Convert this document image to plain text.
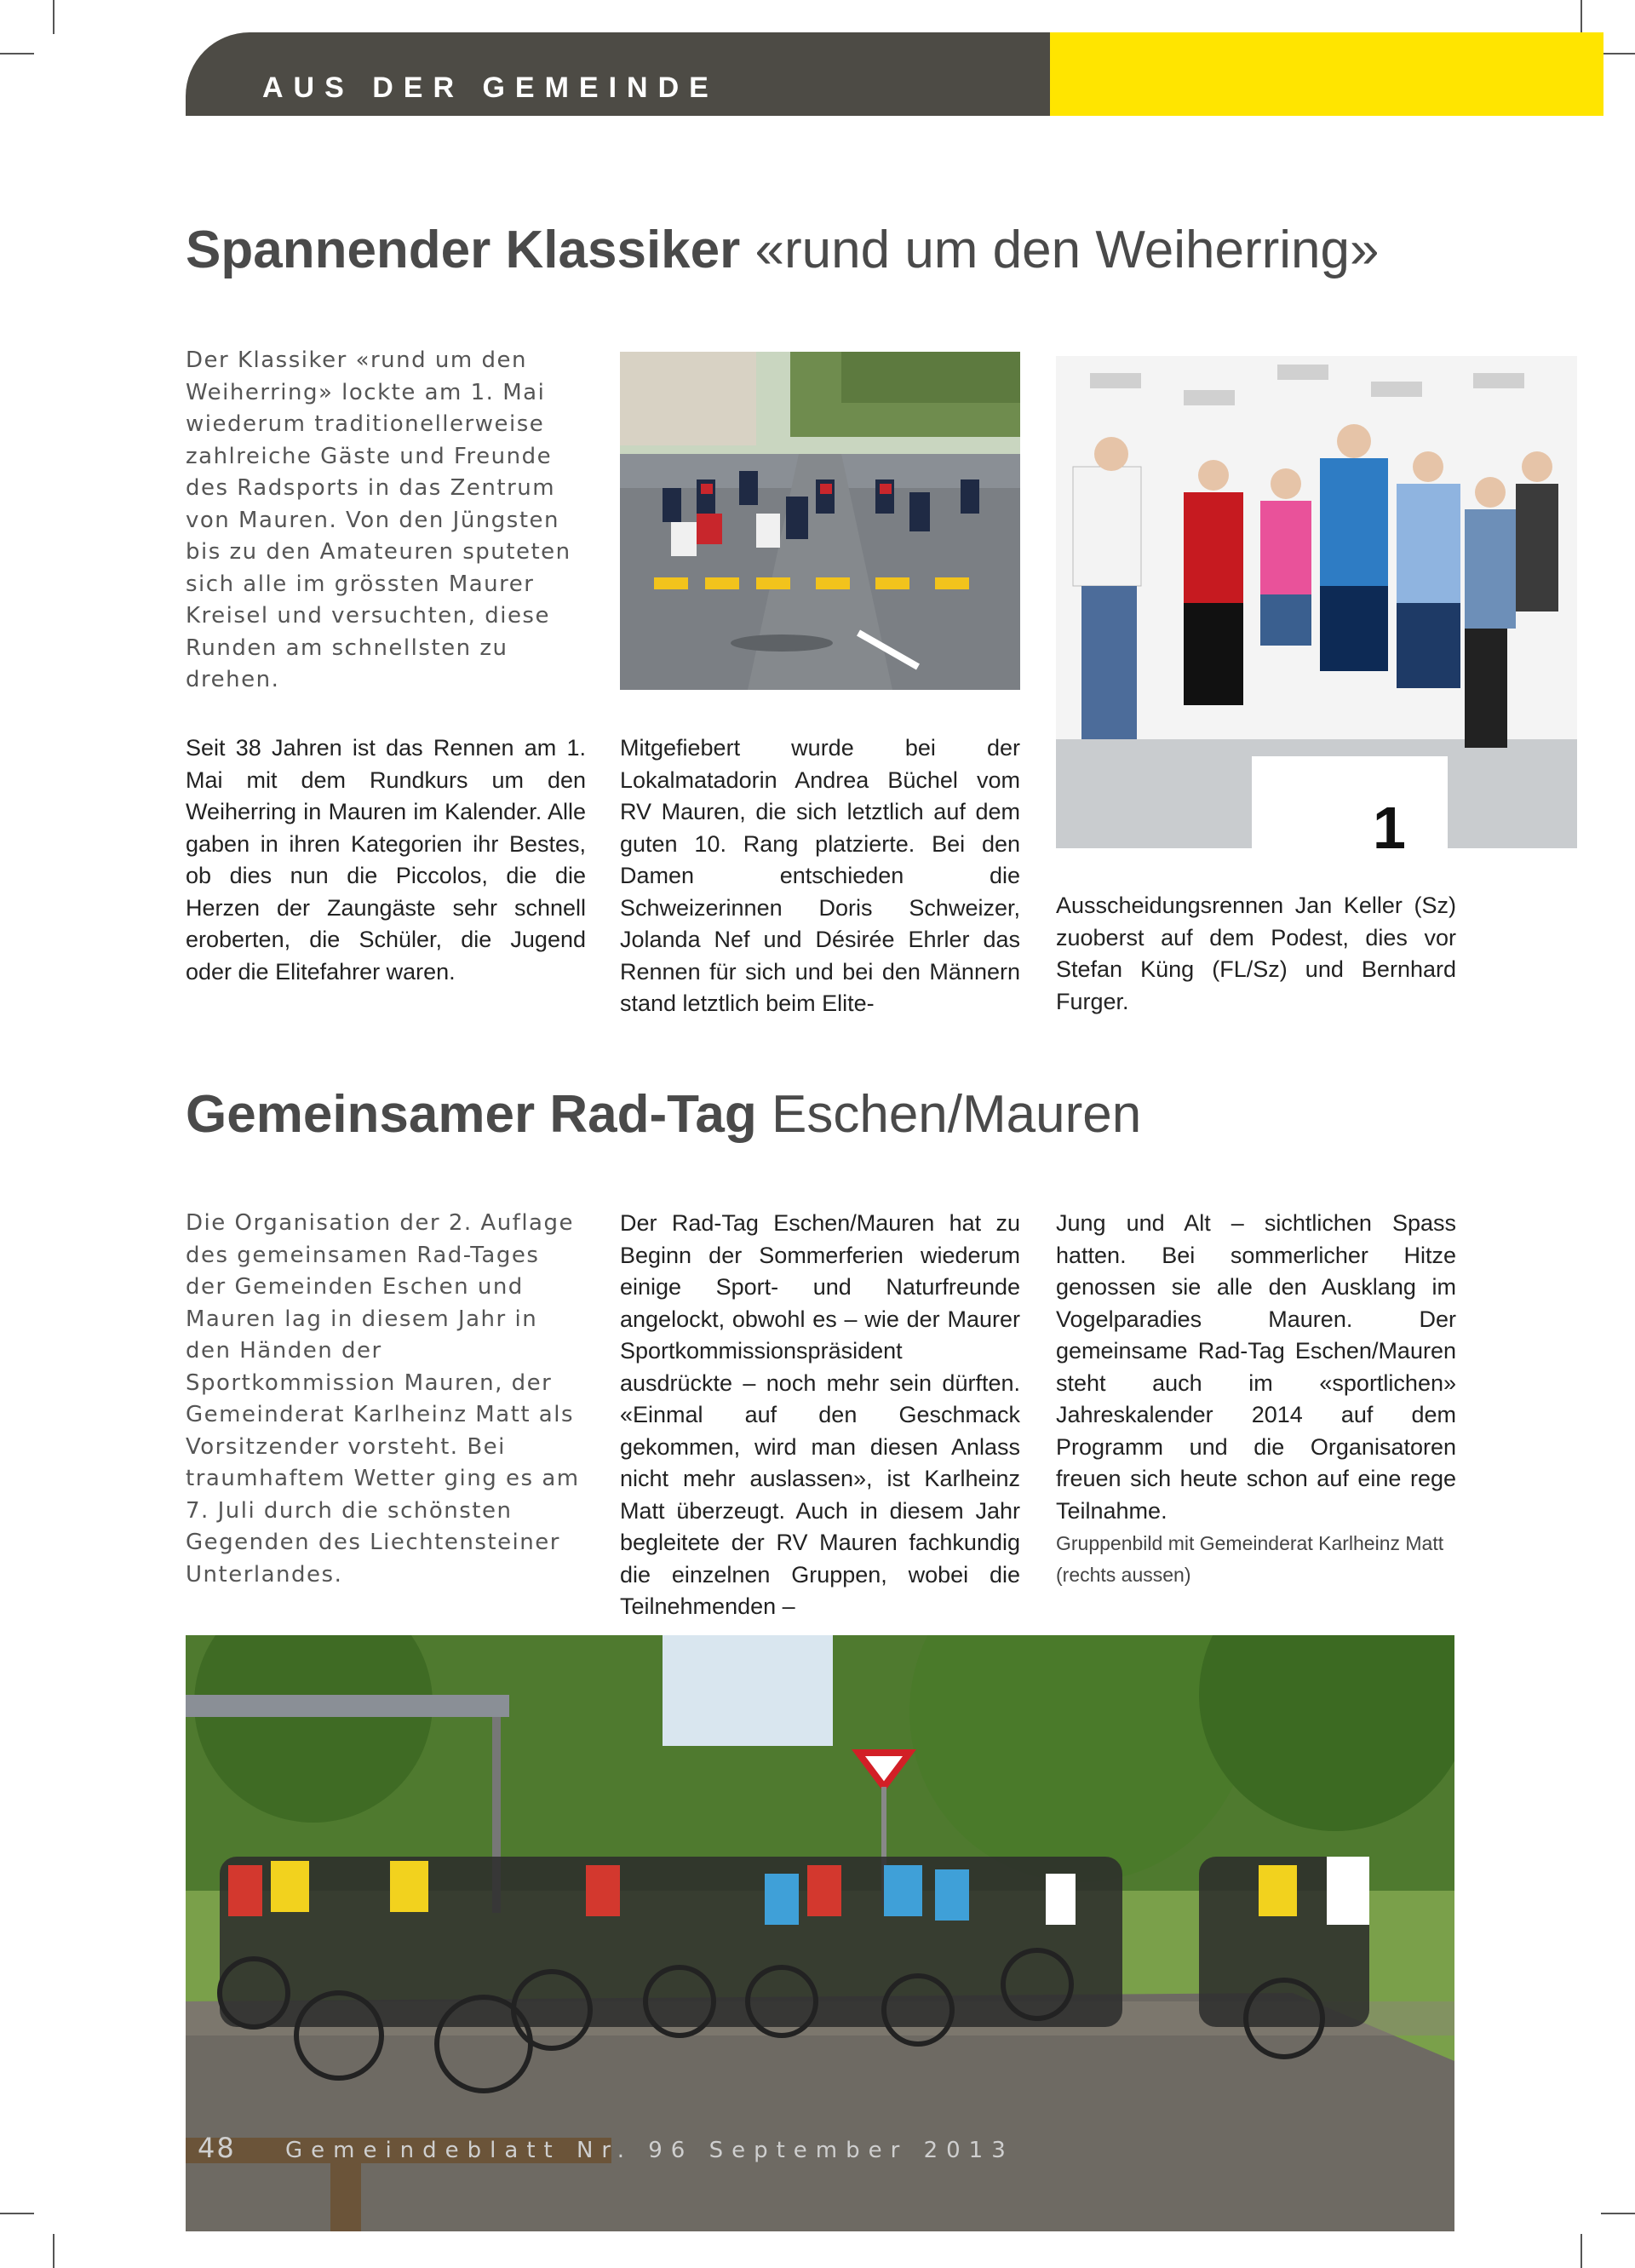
AUS DER GEMEINDE
Spannender Klassiker «rund um den Weiherring»

Der Klassiker «rund um den Weiherring» lockte am 1. Mai wiederum traditionellerweise zahlreiche Gäste und Freunde des Radsports in das Zentrum von Mauren. Von den Jüngsten bis zu den Amateuren sputeten sich alle im grössten Maurer Kreisel und versuchten, diese Runden am schnellsten zu drehen.

1

Seit 38 Jahren ist das Rennen am 1. Mai mit dem Rundkurs um den Weiherring in Mauren im Kalender. Alle gaben in ihren Kategorien ihr Bestes, ob dies nun die Piccolos, die die Herzen der Zaungäste sehr schnell eroberten, die Schüler, die Jugend oder die Elitefahrer waren.

Mitgefiebert wurde bei der Lokalmatadorin Andrea Büchel vom RV Mauren, die sich letztlich auf dem guten 10. Rang platzierte. Bei den Damen entschieden die Schweizerinnen Doris Schweizer, Jolanda Nef und Désirée Ehrler das Rennen für sich und bei den Männern stand letztlich beim Elite-

Ausscheidungsrennen Jan Keller (Sz) zuoberst auf dem Podest, dies vor Stefan Küng (FL/Sz) und Bernhard Furger.

Gemeinsamer Rad-Tag Eschen/Mauren

Die Organisation der 2. Auflage des gemeinsamen Rad-Tages der Gemeinden Eschen und Mauren lag in diesem Jahr in den Händen der Sportkommission Mauren, der Gemeinderat Karlheinz Matt als Vorsitzender vorsteht. Bei traumhaftem Wetter ging es am 7. Juli durch die schönsten Gegenden des Liechtensteiner Unterlandes.

Der Rad-Tag Eschen/Mauren hat zu Beginn der Sommerferien wiederum einige Sport- und Naturfreunde angelockt, obwohl es – wie der Maurer Sportkommissionspräsident ausdrückte – noch mehr sein dürften. «Einmal auf den Geschmack gekommen, wird man diesen Anlass nicht mehr auslassen», ist Karlheinz Matt überzeugt. Auch in diesem Jahr begleitete der RV Mauren fachkundig die einzelnen Gruppen, wobei die Teilnehmenden –

Jung und Alt – sichtlichen Spass hatten. Bei sommerlicher Hitze genossen sie alle den Ausklang im Vogelparadies Mauren. Der gemeinsame Rad-Tag Eschen/Mauren steht auch im «sportlichen» Jahreskalender 2014 auf dem Programm und die Organisatoren freuen sich heute schon auf eine rege Teilnahme.

Gruppenbild mit Gemeinderat Karlheinz Matt (rechts aussen)

48 Gemeindeblatt Nr. 96 September 2013
